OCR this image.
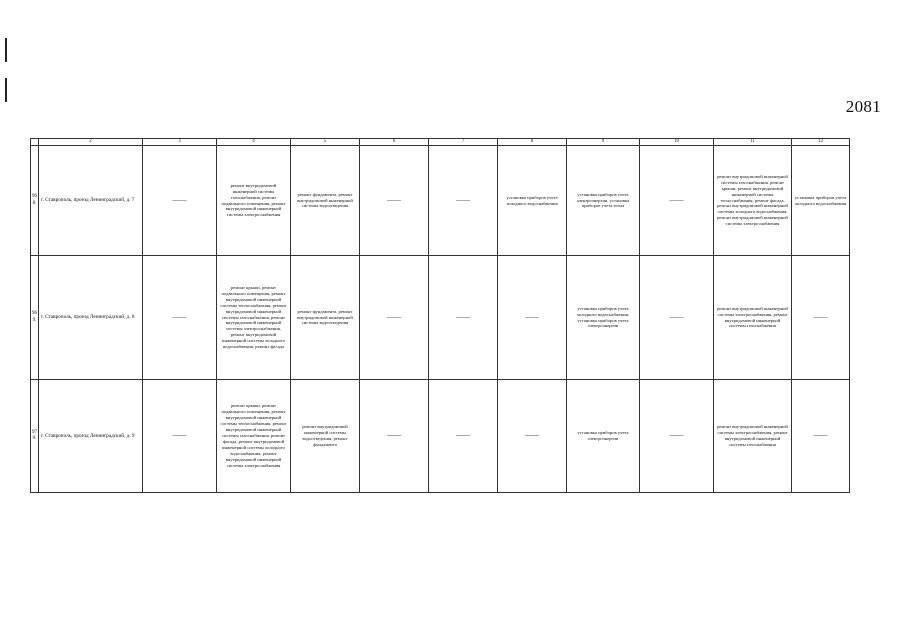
2081
	2	3	4	5	6	7	8	9	10	11	12
968.	г. Ставрополь, проезд Ленинградский, д. 7	——	ремонт внутридомовой инженерной системы газоснабжения, ремонт подвального помещения, ремонт внутридомовой инженерной системы электроснабжения	ремонт фундамента, ремонт внутридомовой инженерной системы водоотведения	——	——	установка приборов учета холодного водоснабжения	установка приборов учета электроэнергии, установка приборов учета тепла	——	ремонт внутридомовой инженерной системы газоснабжения, ремонт крыши, ремонт внутридомовой инженерной системы теплоснабжения, ремонт фасада, ремонт внутридомовой инженерной системы холодного водоснабжения, ремонт внутридомовой инженерной системы электроснабжения	установка приборов учета холодного водоснабжения
969.	г. Ставрополь, проезд Ленинградский, д. 8	——	ремонт крыши, ремонт подвального помещения, ремонт внутридомовой инженерной системы теплоснабжения, ремонт внутридомовой инженерной системы газоснабжения, ремонт внутридомовой инженерной системы электроснабжения, ремонт внутридомовой инженерной системы холодного водоснабжения, ремонт фасада	ремонт фундамента, ремонт внутридомовой инженерной системы водоотведения	——	——	——	установка приборов учета холодного водоснабжения, установка приборов учета электроэнергии	——	ремонт внутридомовой инженерной системы электроснабжения, ремонт внутридомовой инженерной системы газоснабжения	——
970.	г. Ставрополь, проезд Ленинградский, д. 9	——	ремонт крыши, ремонт подвального помещения, ремонт внутридомовой инженерной системы теплоснабжения, ремонт внутридомовой инженерной системы газоснабжения, ремонт фасада, ремонт внутридомовой инженерной системы холодного водоснабжения, ремонт внутридомовой инженерной системы электроснабжения	ремонт внутридомовой инженерной системы водоотведения, ремонт фундамента	——	——	——	установка приборов учета электроэнергии	——	ремонт внутридомовой инженерной системы электроснабжения, ремонт внутридомовой инженерной системы газоснабжения	——
